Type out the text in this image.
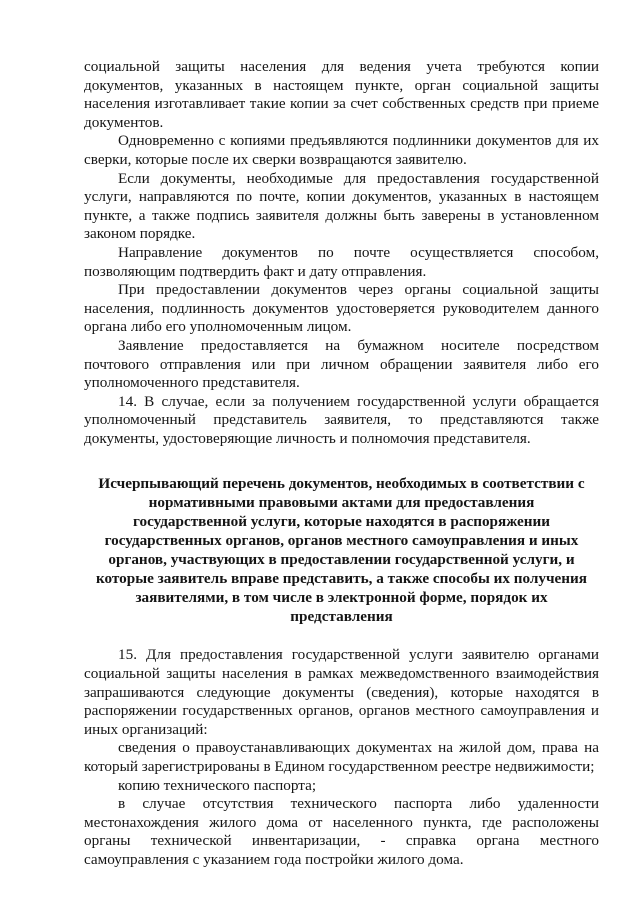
социальной защиты населения для ведения учета требуются копии документов, указанных в настоящем пункте, орган социальной защиты населения изготавливает такие копии за счет собственных средств при приеме документов.

Одновременно с копиями предъявляются подлинники документов для их сверки, которые после их сверки возвращаются заявителю.

Если документы, необходимые для предоставления государственной услуги, направляются по почте, копии документов, указанных в настоящем пункте, а также подпись заявителя должны быть заверены в установленном законом порядке.

Направление документов по почте осуществляется способом, позволяющим подтвердить факт и дату отправления.

При предоставлении документов через органы социальной защиты населения, подлинность документов удостоверяется руководителем данного органа либо его уполномоченным лицом.

Заявление предоставляется на бумажном носителе посредством почтового отправления или при личном обращении заявителя либо его уполномоченного представителя.

14. В случае, если за получением государственной услуги обращается уполномоченный представитель заявителя, то представляются также документы, удостоверяющие личность и полномочия представителя.

Исчерпывающий перечень документов, необходимых в соответствии с нормативными правовыми актами для предоставления государственной услуги, которые находятся в распоряжении государственных органов, органов местного самоуправления и иных органов, участвующих в предоставлении государственной услуги, и которые заявитель вправе представить, а также способы их получения заявителями, в том числе в электронной форме, порядок их представления

15. Для предоставления государственной услуги заявителю органами социальной защиты населения в рамках межведомственного взаимодействия запрашиваются следующие документы (сведения), которые находятся в распоряжении государственных органов, органов местного самоуправления и иных организаций:

сведения о правоустанавливающих документах на жилой дом, права на который зарегистрированы в Едином государственном реестре недвижимости;

копию технического паспорта;

в случае отсутствия технического паспорта либо удаленности местонахождения жилого дома от населенного пункта, где расположены органы технической инвентаризации, - справка органа местного самоуправления с указанием года постройки жилого дома.
